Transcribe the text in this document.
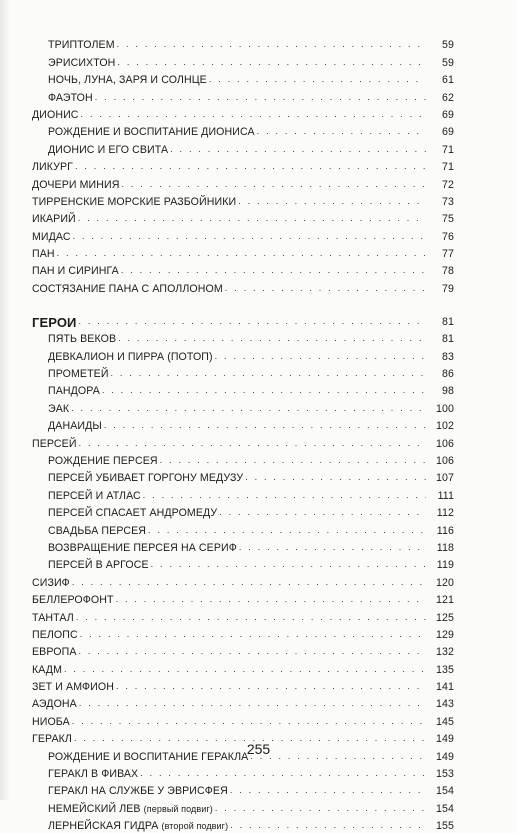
ТРИПТОЛЕМ . . .	59
ЭРИСИХТОН . . .	59
НОЧЬ, ЛУНА, ЗАРЯ И СОЛНЦЕ . . .	61
ФАЭТОН . . .	62
ДИОНИС . . .	69
РОЖДЕНИЕ И ВОСПИТАНИЕ ДИОНИСА . . .	69
ДИОНИС И ЕГО СВИТА . . .	71
ЛИКУРГ . . .	71
ДОЧЕРИ МИНИЯ . . .	72
ТИРРЕНСКИЕ МОРСКИЕ РАЗБОЙНИКИ . . .	73
ИКАРИЙ . . .	75
МИДАС . . .	76
ПАН . . .	77
ПАН И СИРИНГА . . .	78
СОСТЯЗАНИЕ ПАНА С АПОЛЛОНОМ . . .	79
ГЕРОИ . . .	81
ПЯТЬ ВЕКОВ . . .	81
ДЕВКАЛИОН И ПИРРА (ПОТОП) . . .	83
ПРОМЕТЕЙ . . .	86
ПАНДОРА . . .	98
ЭАК . . .	100
ДАНАИДЫ . . .	102
ПЕРСЕЙ . . .	106
РОЖДЕНИЕ ПЕРСЕЯ . . .	106
ПЕРСЕЙ УБИВАЕТ ГОРГОНУ МЕДУЗУ . . .	107
ПЕРСЕЙ И АТЛАС . . .	111
ПЕРСЕЙ СПАСАЕТ АНДРОМЕДУ . . .	112
СВАДЬБА ПЕРСЕЯ . . .	116
ВОЗВРАЩЕНИЕ ПЕРСЕЯ НА СЕРИФ . . .	118
ПЕРСЕЙ В АРГОСЕ . . .	119
СИЗИФ . . .	120
БЕЛЛЕРОФОНТ . . .	121
ТАНТАЛ . . .	125
ПЕЛОПС . . .	129
ЕВРОПА . . .	132
КАДМ . . .	135
ЗЕТ И АМФИОН . . .	141
АЭДОНА . . .	143
НИОБА . . .	145
ГЕРАКЛ . . .	149
РОЖДЕНИЕ И ВОСПИТАНИЕ ГЕРАКЛА . . .	149
ГЕРАКЛ В ФИВАХ . . .	153
ГЕРАКЛ НА СЛУЖБЕ У ЭВРИСФЕЯ . . .	154
НЕМЕЙСКИЙ ЛЕВ (первый подвиг) . . .	154
ЛЕРНЕЙСКАЯ ГИДРА (второй подвиг) . . .	155
255
